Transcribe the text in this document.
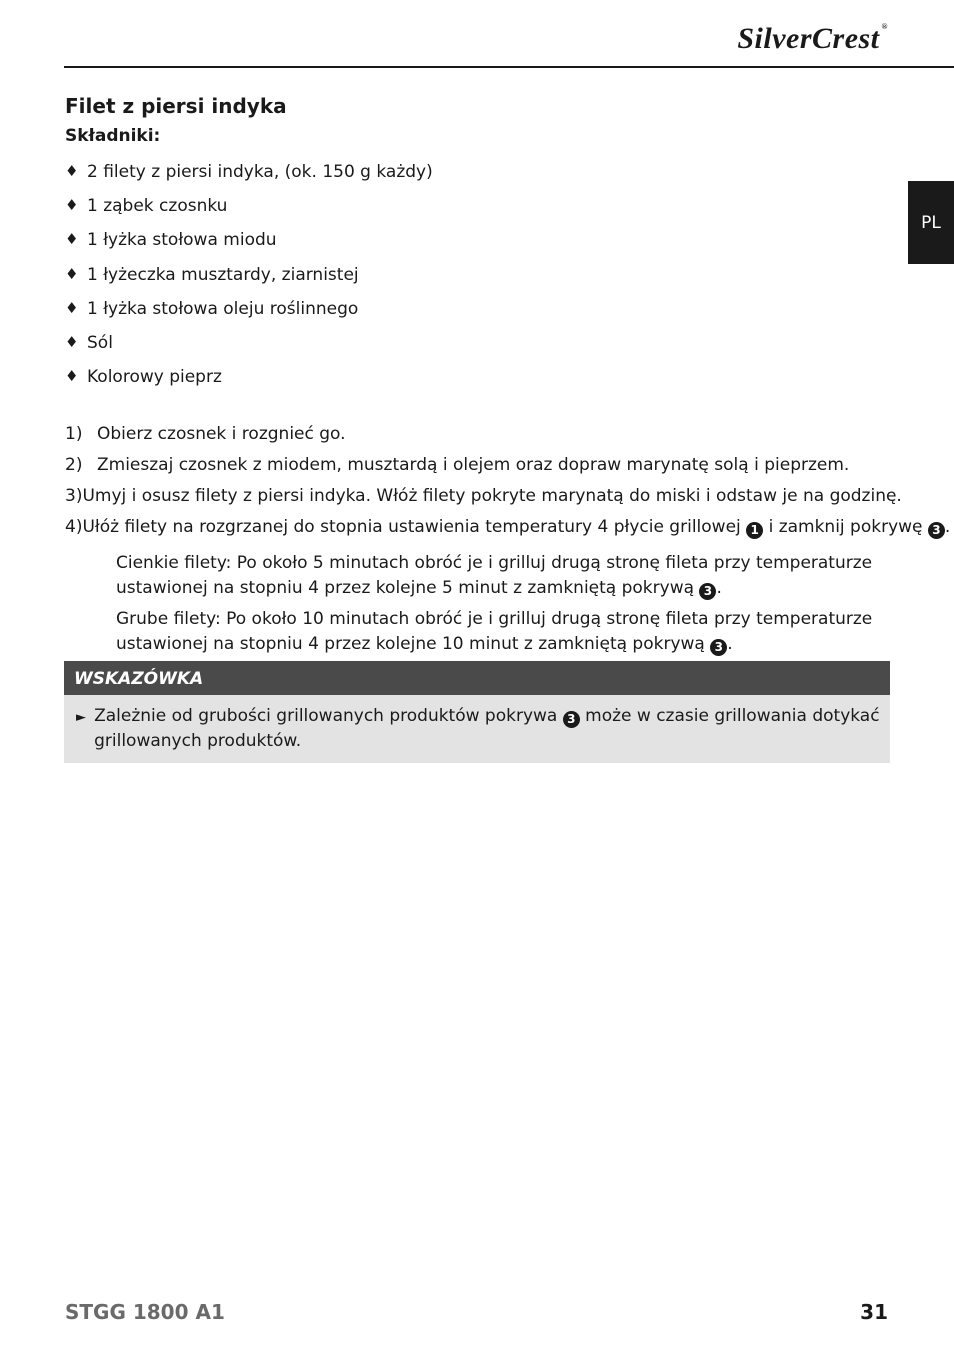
SilverCrest ®
PL
Filet z piersi indyka
Składniki:
♦ 2 filety z piersi indyka, (ok. 150 g każdy)
♦ 1 ząbek czosnku
♦ 1 łyżka stołowa miodu
♦ 1 łyżeczka musztardy, ziarnistej
♦ 1 łyżka stołowa oleju roślinnego
♦ Sól
♦ Kolorowy pieprz
1) Obierz czosnek i rozgnieć go.
2) Zmieszaj czosnek z miodem, musztardą i olejem oraz dopraw marynatę solą i pieprzem.
3) Umyj i osusz filety z piersi indyka. Włóż filety pokryte marynatą do miski i odstaw je na godzinę.
4) Ułóż filety na rozgrzanej do stopnia ustawienia temperatury 4 płycie grillowej 1 i zamknij pokrywę 3 .

Cienkie filety: Po około 5 minutach obróć je i grilluj drugą stronę fileta przy temperaturze ustawionej na stopniu 4 przez kolejne 5 minut z zamkniętą pokrywą 3 .

Grube filety: Po około 10 minutach obróć je i grilluj drugą stronę fileta przy temperaturze ustawionej na stopniu 4 przez kolejne 10 minut z zamkniętą pokrywą 3 .

WSKAZÓWKA
► Zależnie od grubości grillowanych produktów pokrywa 3 może w czasie grillowania dotykać grillowanych produktów.
STGG 1800 A1	31
